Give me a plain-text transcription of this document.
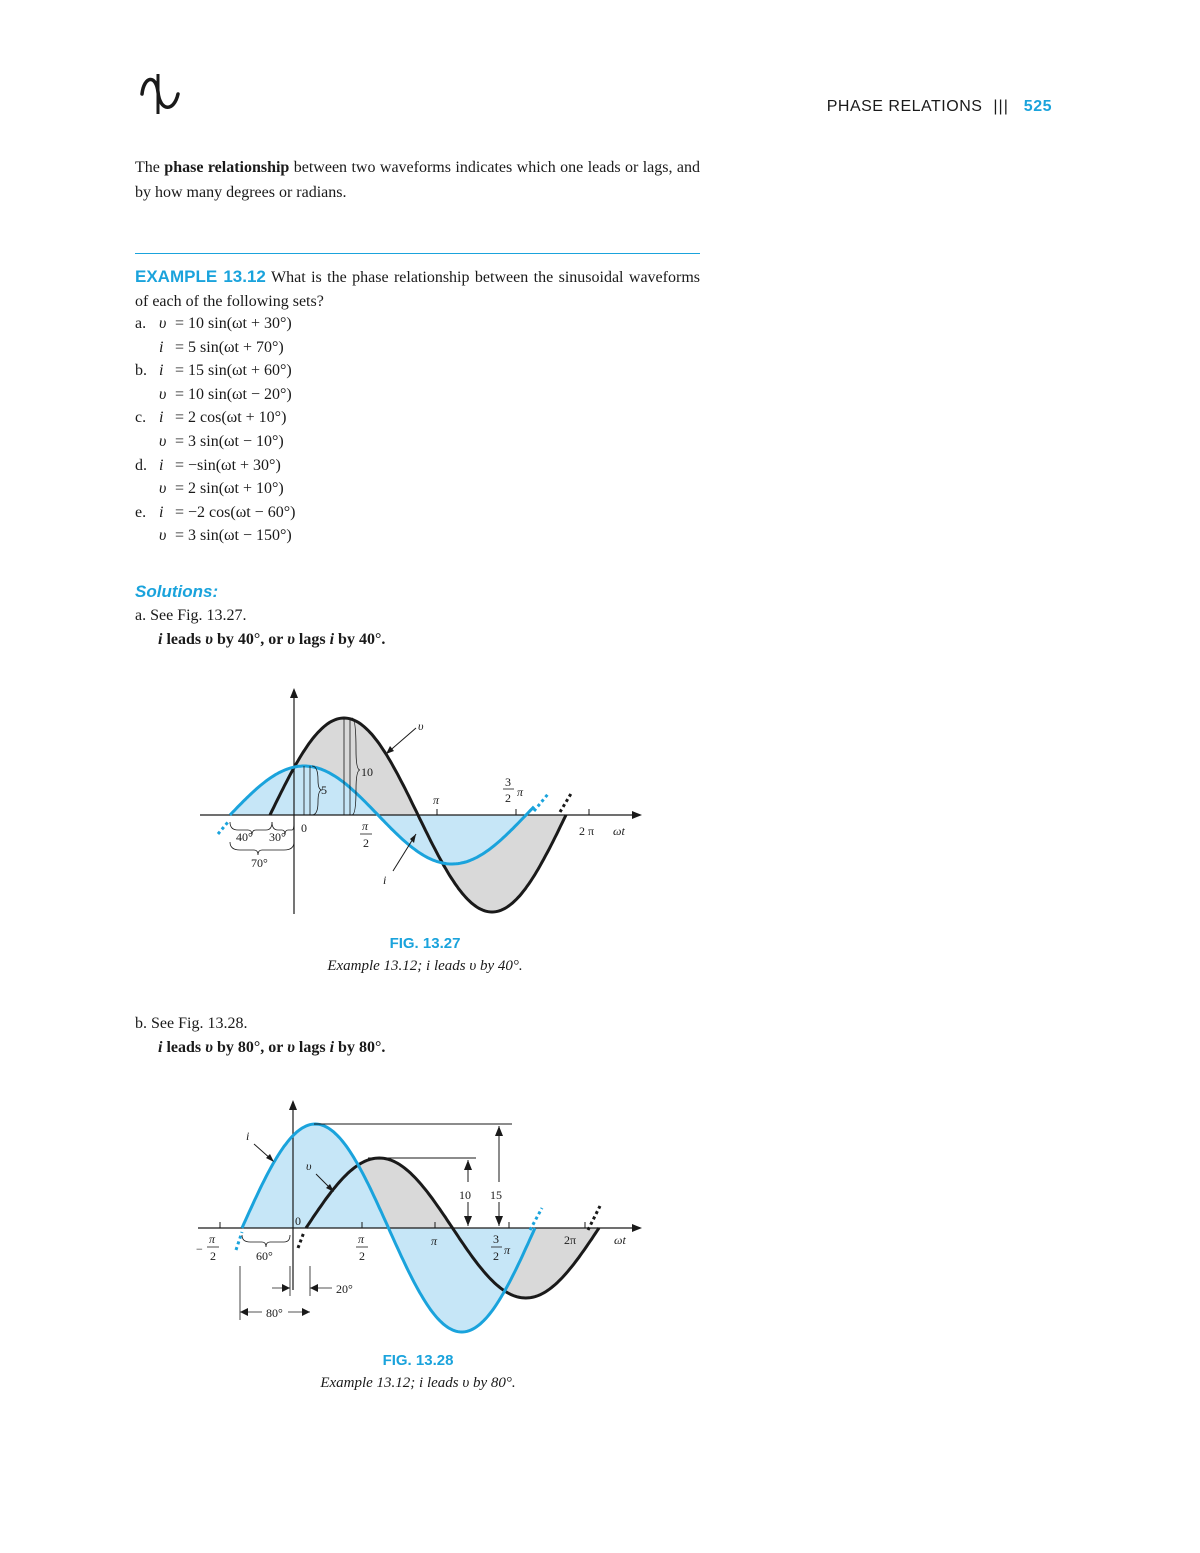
PHASE RELATIONS ||| 525
The phase relationship between two waveforms indicates which one leads or lags, and by how many degrees or radians.
EXAMPLE 13.12 What is the phase relationship between the sinusoidal waveforms of each of the following sets?
a. υ = 10 sin(ωt + 30°)
i = 5 sin(ωt + 70°)
b. i = 15 sin(ωt + 60°)
υ = 10 sin(ωt − 20°)
c. i = 2 cos(ωt + 10°)
υ = 3 sin(ωt − 10°)
d. i = −sin(ωt + 30°)
υ = 2 sin(ωt + 10°)
e. i = −2 cos(ωt − 60°)
υ = 3 sin(ωt − 150°)
Solutions:
a. See Fig. 13.27.
i leads υ by 40°, or υ lags i by 40°.
5
10
υ
i
0	π
2
π
3
2 π
2 π ωt
40° 30°
70°
FIG. 13.27
Example 13.12; i leads υ by 40°.
b. See Fig. 13.28.
i leads υ by 80°, or υ lags i by 80°.
10 15
i
υ
0
−
π
2
π
2
π	3
2 π
2π	ωt
60°
20°
80°
FIG. 13.28
Example 13.12; i leads υ by 80°.
